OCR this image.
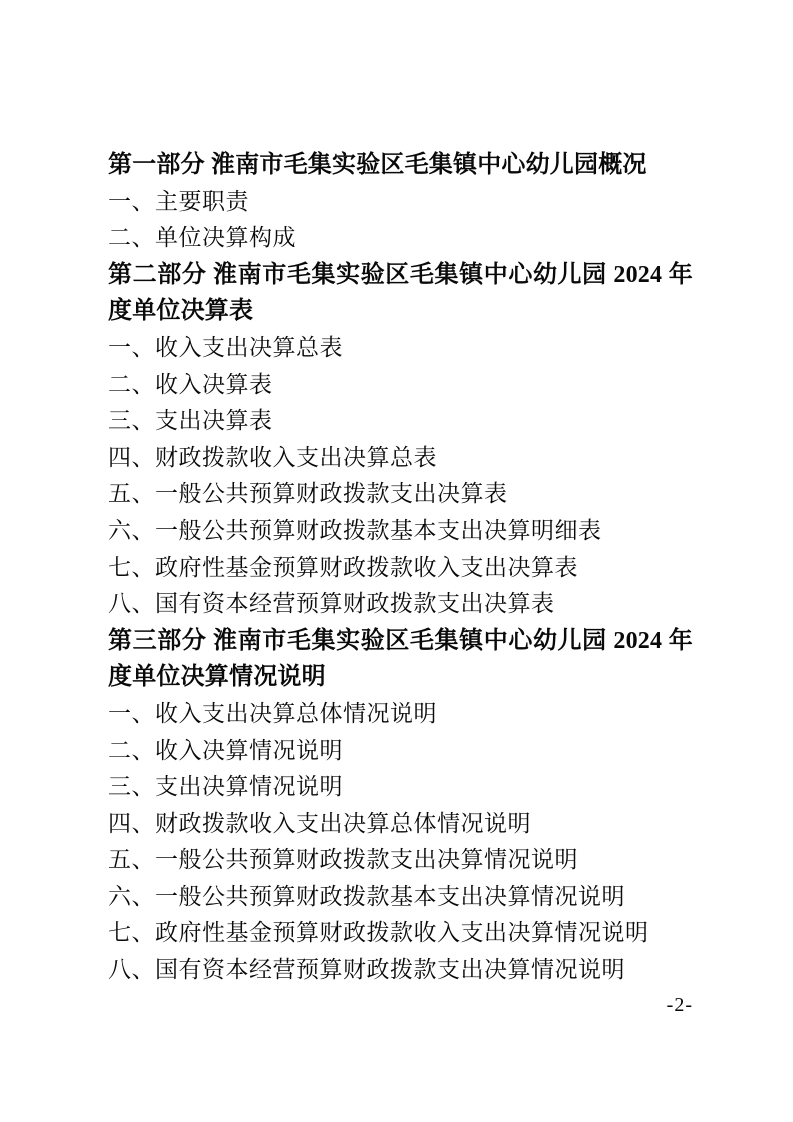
第一部分 淮南市毛集实验区毛集镇中心幼儿园概况
一、主要职责
二、单位决算构成
第二部分 淮南市毛集实验区毛集镇中心幼儿园 2024 年
度单位决算表
一、收入支出决算总表
二、收入决算表
三、支出决算表
四、财政拨款收入支出决算总表
五、一般公共预算财政拨款支出决算表
六、一般公共预算财政拨款基本支出决算明细表
七、政府性基金预算财政拨款收入支出决算表
八、国有资本经营预算财政拨款支出决算表
第三部分 淮南市毛集实验区毛集镇中心幼儿园 2024 年
度单位决算情况说明
一、收入支出决算总体情况说明
二、收入决算情况说明
三、支出决算情况说明
四、财政拨款收入支出决算总体情况说明
五、一般公共预算财政拨款支出决算情况说明
六、一般公共预算财政拨款基本支出决算情况说明
七、政府性基金预算财政拨款收入支出决算情况说明
八、国有资本经营预算财政拨款支出决算情况说明
-2-
